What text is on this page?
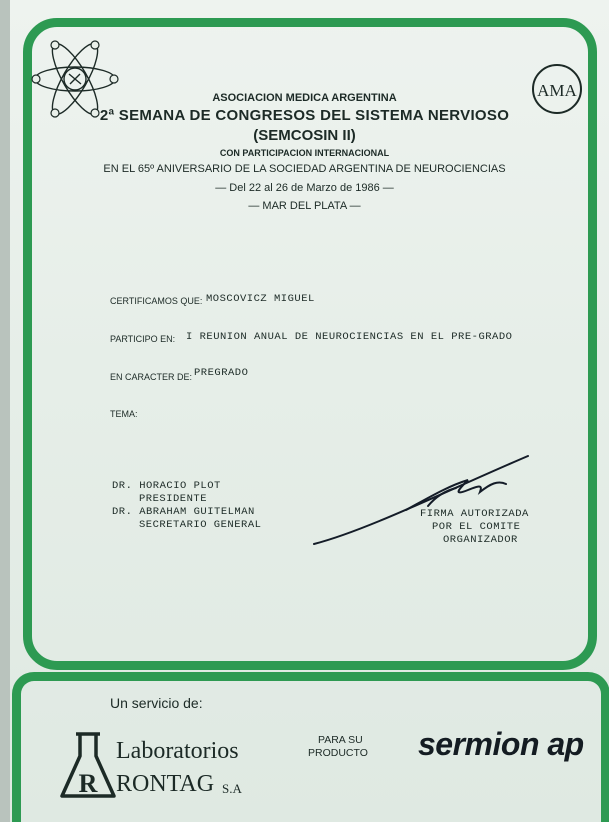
AMA
ASOCIACION MEDICA ARGENTINA
2ª SEMANA DE CONGRESOS DEL SISTEMA NERVIOSO
(SEMCOSIN II)
CON PARTICIPACION INTERNACIONAL
EN EL 65º ANIVERSARIO DE LA SOCIEDAD ARGENTINA DE NEUROCIENCIAS
— Del 22 al 26 de Marzo de 1986 —
— MAR DEL PLATA —
CERTIFICAMOS QUE: MOSCOVICZ MIGUEL
PARTICIPO EN: I REUNION ANUAL DE NEUROCIENCIAS EN EL PRE-GRADO
EN CARACTER DE: PREGRADO
TEMA:
DR. HORACIO PLOT
PRESIDENTE
DR. ABRAHAM GUITELMAN
SECRETARIO GENERAL
FIRMA AUTORIZADA
POR EL COMITE
ORGANIZADOR
Un servicio de:
R
Laboratorios
RONTAG S.A
PARA SU
PRODUCTO sermion ap
